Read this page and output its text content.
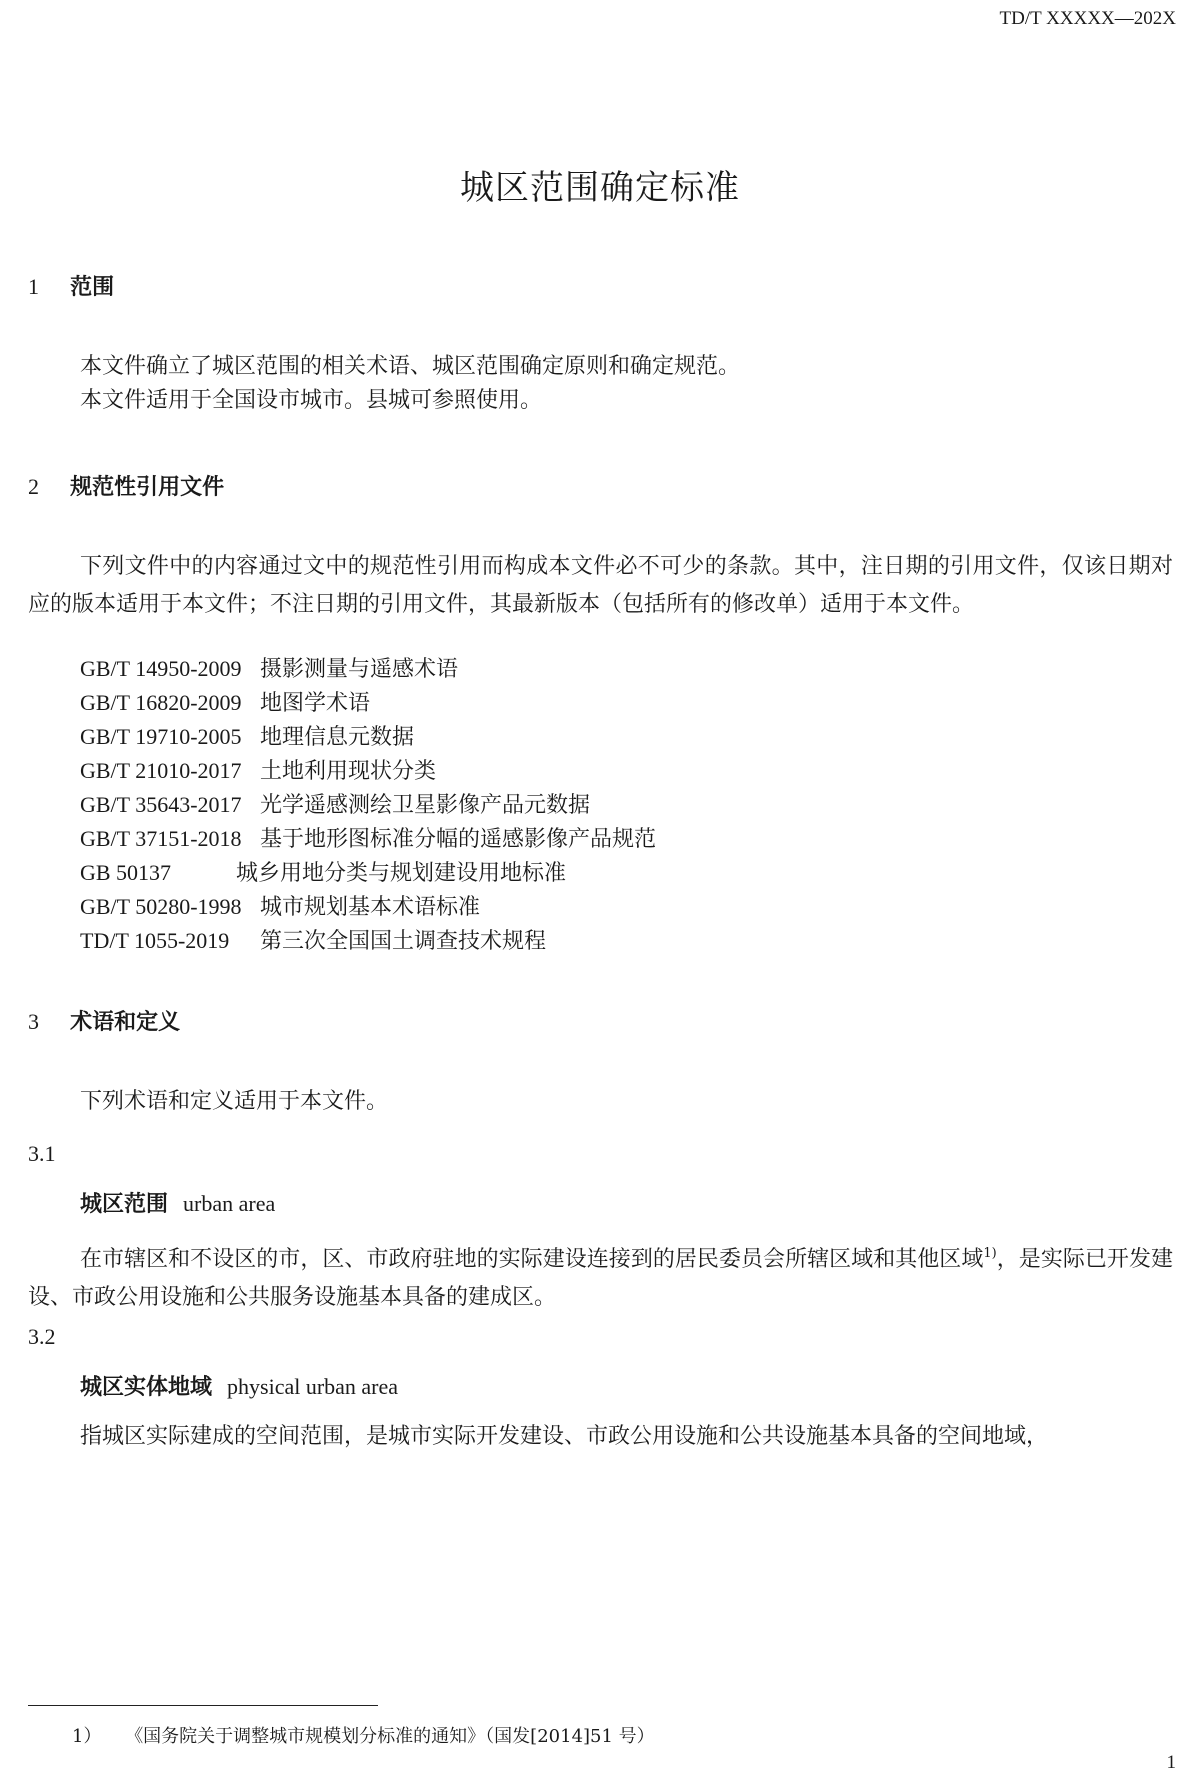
TD/T XXXXX—202X
城区范围确定标准
1 范围
本文件确立了城区范围的相关术语、城区范围确定原则和确定规范。
本文件适用于全国设市城市。县城可参照使用。
2 规范性引用文件
下列文件中的内容通过文中的规范性引用而构成本文件必不可少的条款。其中，注日期的引用文件，仅该日期对应的版本适用于本文件；不注日期的引用文件，其最新版本（包括所有的修改单）适用于本文件。
GB/T 14950-2009 摄影测量与遥感术语
GB/T 16820-2009 地图学术语
GB/T 19710-2005 地理信息元数据
GB/T 21010-2017 土地利用现状分类
GB/T 35643-2017 光学遥感测绘卫星影像产品元数据
GB/T 37151-2018 基于地形图标准分幅的遥感影像产品规范
GB 50137	城乡用地分类与规划建设用地标准
GB/T 50280-1998 城市规划基本术语标准
TD/T 1055-2019 第三次全国国土调查技术规程
3 术语和定义
下列术语和定义适用于本文件。
3.1
城区范围 urban area
在市辖区和不设区的市，区、市政府驻地的实际建设连接到的居民委员会所辖区域和其他区域$^{1)}$，是实际已开发建设、市政公用设施和公共服务设施基本具备的建成区。
3.2
城区实体地域 physical urban area
指城区实际建成的空间范围，是城市实际开发建设、市政公用设施和公共设施基本具备的空间地域，
1） 《国务院关于调整城市规模划分标准的通知》（国发[2014]51 号）
1
